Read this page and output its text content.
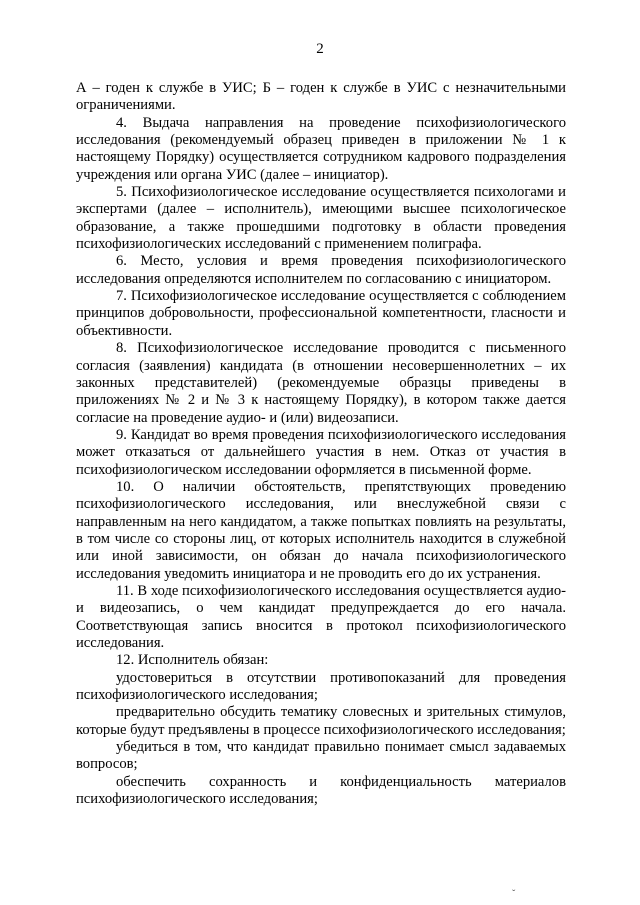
2

А – годен к службе в УИС; Б – годен к службе в УИС с незначительными ограничениями.

4. Выдача направления на проведение психофизиологического исследования (рекомендуемый образец приведен в приложении № 1 к настоящему Порядку) осуществляется сотрудником кадрового подразделения учреждения или органа УИС (далее – инициатор).

5. Психофизиологическое исследование осуществляется психологами и экспертами (далее – исполнитель), имеющими высшее психологическое образование, а также прошедшими подготовку в области проведения психофизиологических исследований с применением полиграфа.

6. Место, условия и время проведения психофизиологического исследования определяются исполнителем по согласованию с инициатором.

7. Психофизиологическое исследование осуществляется с соблюдением принципов добровольности, профессиональной компетентности, гласности и объективности.

8. Психофизиологическое исследование проводится с письменного согласия (заявления) кандидата (в отношении несовершеннолетних – их законных представителей) (рекомендуемые образцы приведены в приложениях № 2 и № 3 к настоящему Порядку), в котором также дается согласие на проведение аудио- и (или) видеозаписи.

9. Кандидат во время проведения психофизиологического исследования может отказаться от дальнейшего участия в нем. Отказ от участия в психофизиологическом исследовании оформляется в письменной форме.

10. О наличии обстоятельств, препятствующих проведению психофизиологического исследования, или внеслужебной связи с направленным на него кандидатом, а также попытках повлиять на результаты, в том числе со стороны лиц, от которых исполнитель находится в служебной или иной зависимости, он обязан до начала психофизиологического исследования уведомить инициатора и не проводить его до их устранения.

11. В ходе психофизиологического исследования осуществляется аудио- и видеозапись, о чем кандидат предупреждается до его начала. Соответствующая запись вносится в протокол психофизиологического исследования.

12. Исполнитель обязан:

удостовериться в отсутствии противопоказаний для проведения психофизиологического исследования;

предварительно обсудить тематику словесных и зрительных стимулов, которые будут предъявлены в процессе психофизиологического исследования;

убедиться в том, что кандидат правильно понимает смысл задаваемых вопросов;

обеспечить сохранность и конфиденциальность материалов психофизиологического исследования;

ˇ
